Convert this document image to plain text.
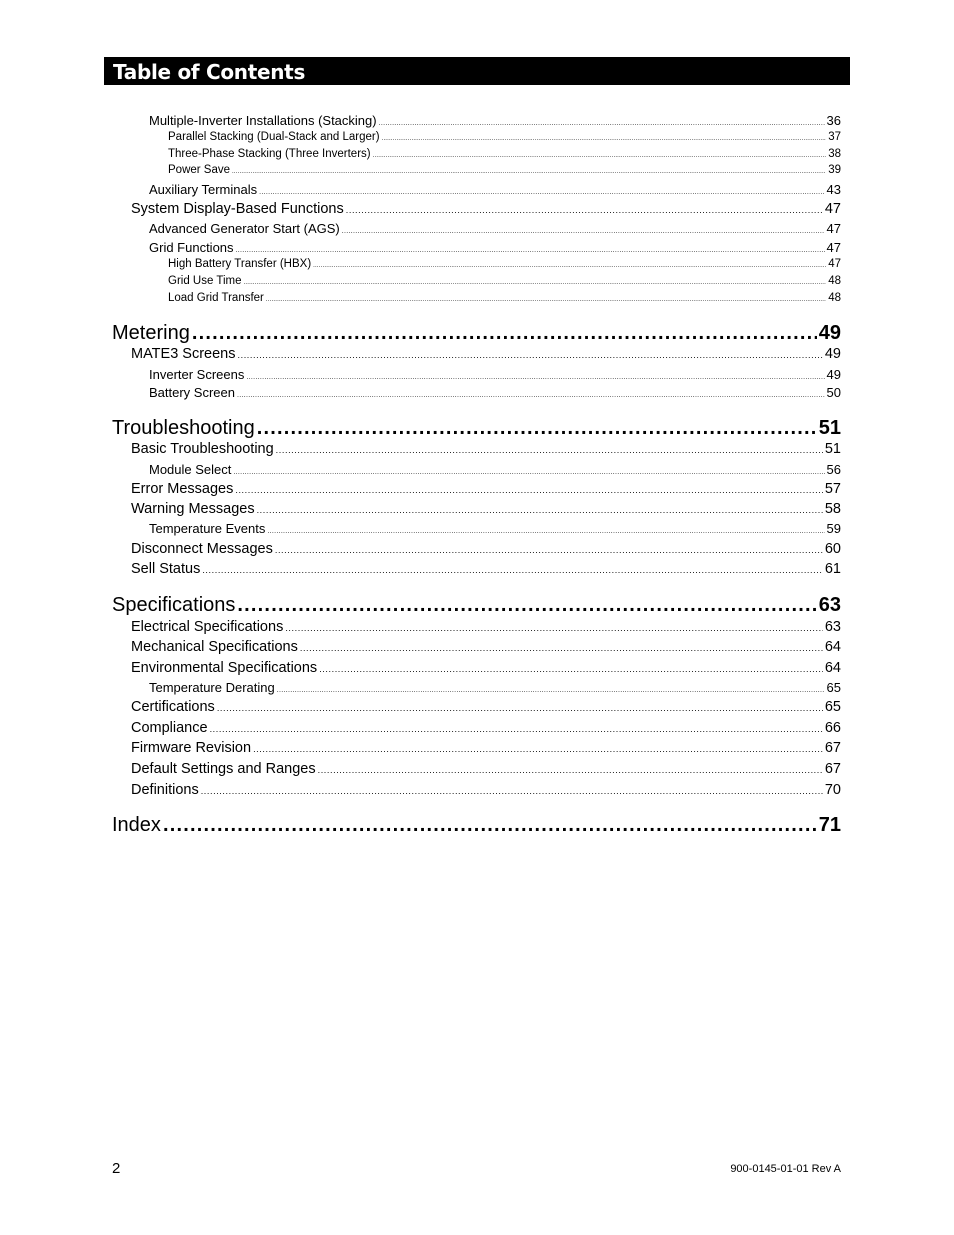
Table of Contents
Multiple-Inverter Installations (Stacking) .....	36
Parallel Stacking (Dual-Stack and Larger) .....	37
Three-Phase Stacking (Three Inverters) .....	38
Power Save .....	39
Auxiliary Terminals .....	43
System Display-Based Functions .....	47
Advanced Generator Start (AGS) .....	47
Grid Functions .....	47
High Battery Transfer (HBX) .....	47
Grid Use Time .....	48
Load Grid Transfer .....	48
Metering .....	49
MATE3 Screens .....	49
Inverter Screens .....	49
Battery Screen .....	50
Troubleshooting .....	51
Basic Troubleshooting .....	51
Module Select .....	56
Error Messages .....	57
Warning Messages .....	58
Temperature Events .....	59
Disconnect Messages .....	60
Sell Status .....	61
Specifications .....	63
Electrical Specifications .....	63
Mechanical Specifications .....	64
Environmental Specifications .....	64
Temperature Derating .....	65
Certifications .....	65
Compliance .....	66
Firmware Revision .....	67
Default Settings and Ranges .....	67
Definitions .....	70
Index .....	71
2	900-0145-01-01 Rev A
